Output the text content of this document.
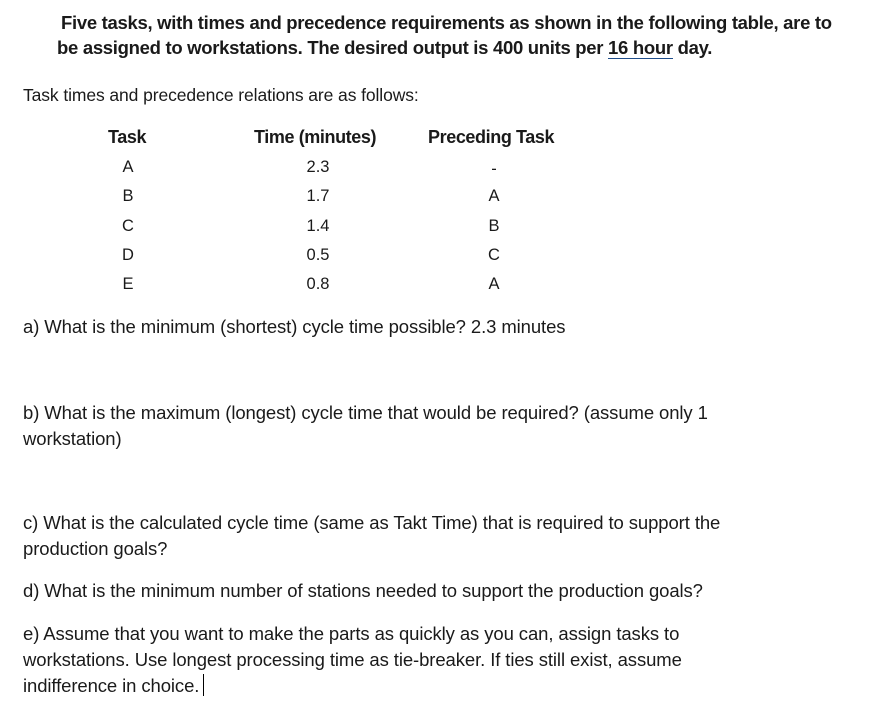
Five tasks, with times and precedence requirements as shown in the following table, are to
be assigned to workstations. The desired output is 400 units per 16 hour day.
Task times and precedence relations are as follows:
Task	Time (minutes)	Preceding Task
A	2.3	-
B	1.7	A
C	1.4	B
D	0.5	C
E	0.8	A
a) What is the minimum (shortest) cycle time possible? 2.3 minutes
b) What is the maximum (longest) cycle time that would be required? (assume only 1
workstation)
c) What is the calculated cycle time (same as Takt Time) that is required to support the
production goals?
d) What is the minimum number of stations needed to support the production goals?
e) Assume that you want to make the parts as quickly as you can, assign tasks to
workstations. Use longest processing time as tie-breaker. If ties still exist, assume
indifference in choice.
